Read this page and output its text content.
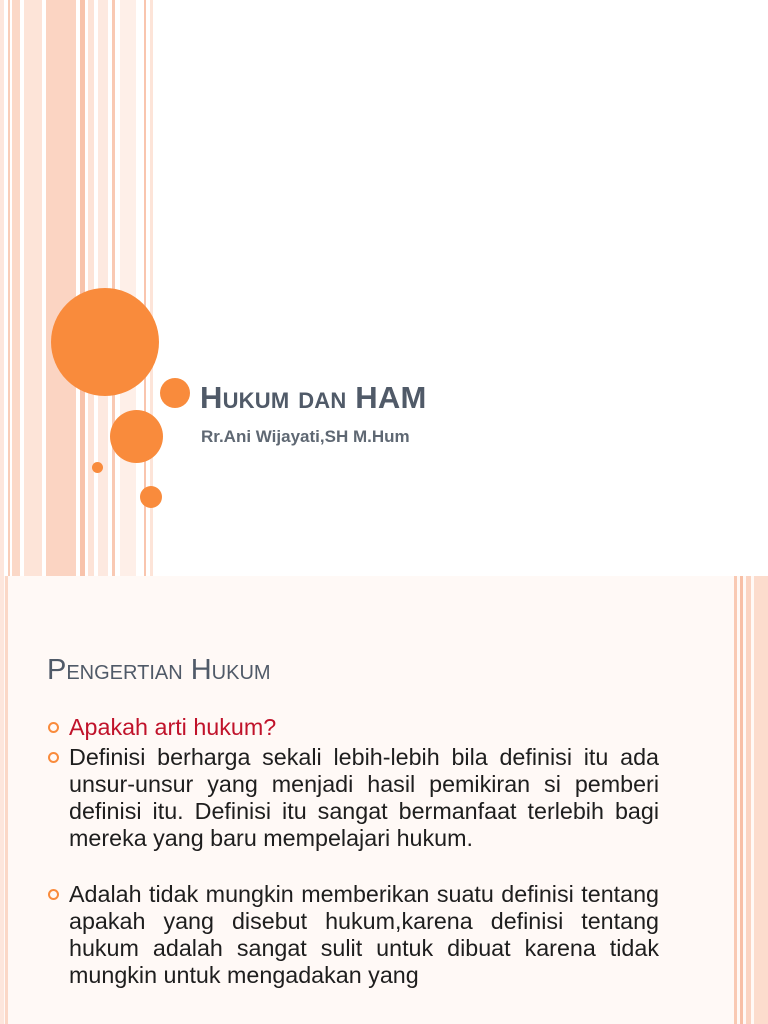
Hukum dan HAM

Rr.Ani Wijayati,SH M.Hum

Pengertian Hukum
Apakah arti hukum?
Definisi berharga sekali lebih-lebih bila definisi itu ada unsur-unsur yang menjadi hasil pemikiran si pemberi definisi itu. Definisi itu sangat bermanfaat terlebih bagi mereka yang baru mempelajari hukum.
Adalah tidak mungkin memberikan suatu definisi tentang apakah yang disebut hukum,karena definisi tentang hukum adalah sangat sulit untuk dibuat karena tidak mungkin untuk mengadakan yang
